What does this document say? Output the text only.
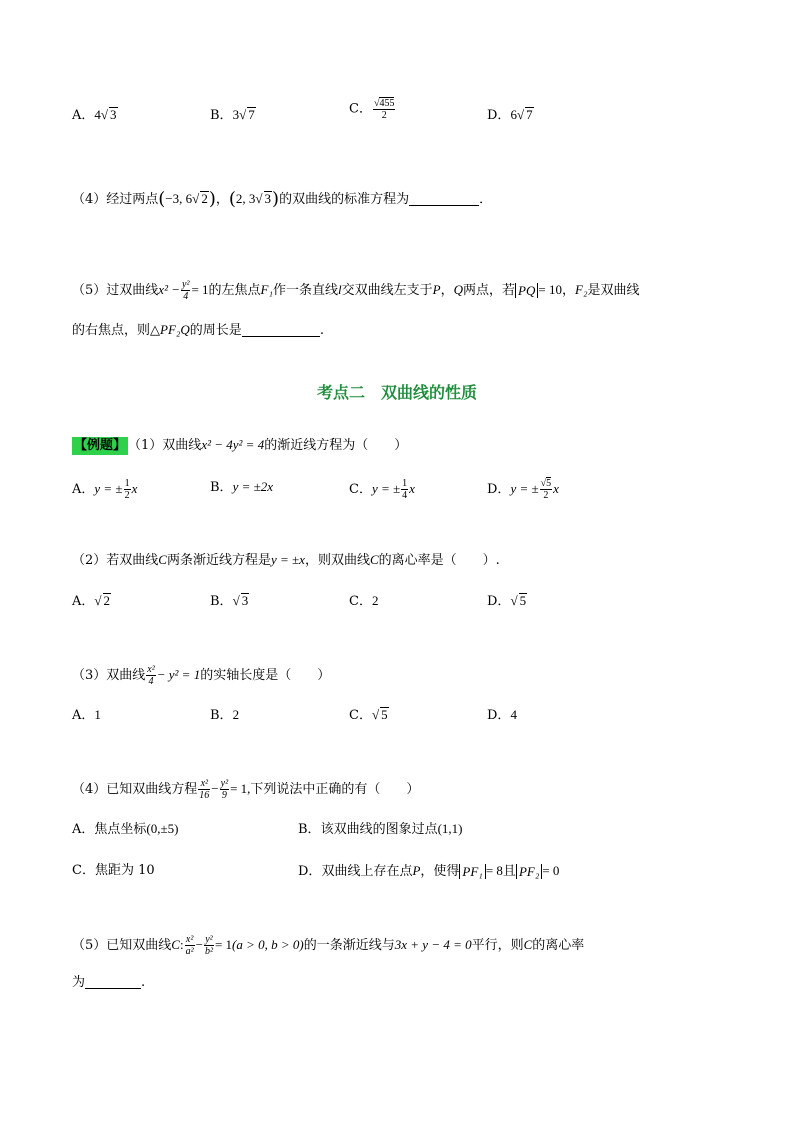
A．4√ 3	B．3√ 7	C． $\frac{√455}{2}$	D．6√ 7
（4）经过两点(−3, 6√ 2)，(2, 3√ 3)的双曲线的标准方程为	．
（5）过双曲线$x^2 - \frac{\text{y²}}{4} = 1$的左焦点F₁作一条直线l交双曲线左支于P，Q两点，若 PQ = 10，F₂是双曲线
的右焦点，则△PF₂Q的周长是	.
考点二　双曲线的性质
【例题】 （1）双曲线x² − 4y² = 4的渐近线方程为（　　）
A．y = ± $\frac{1}{2}$ x	B．y = ±2x	C．y = ± $\frac{1}{4}$ x	D．y = ± $\frac{√5}{2}$ x
（2）若双曲线C两条渐近线方程是y = ±x，则双曲线C的离心率是（　　）.
A．√ 2	B．√ 3	C．2	D．√ 5
（3）双曲线 $\frac{\text{x²}}{4} - y^2 = 1$的实轴长度是（　　）
A．1	B．2	C．√ 5	D．4
（4）已知双曲线方程 $\frac{\text{x²}}{16} - \frac{\text{y²}}{9} = 1$,下列说法中正确的有（　　）
A．焦点坐标(0,±5)	B．该双曲线的图象过点(1,1)
C．焦距为 10	D．双曲线上存在点P，使得 PF₁ = 8且 PF₂ = 0
（5）已知双曲线C: $\frac{\text{x²}}{\text{a²}} - \frac{\text{y²}}{\text{b²}} = 1(a > 0$, b > 0)的一条渐近线与3x + y − 4 = 0平行，则C的离心率
为	.
